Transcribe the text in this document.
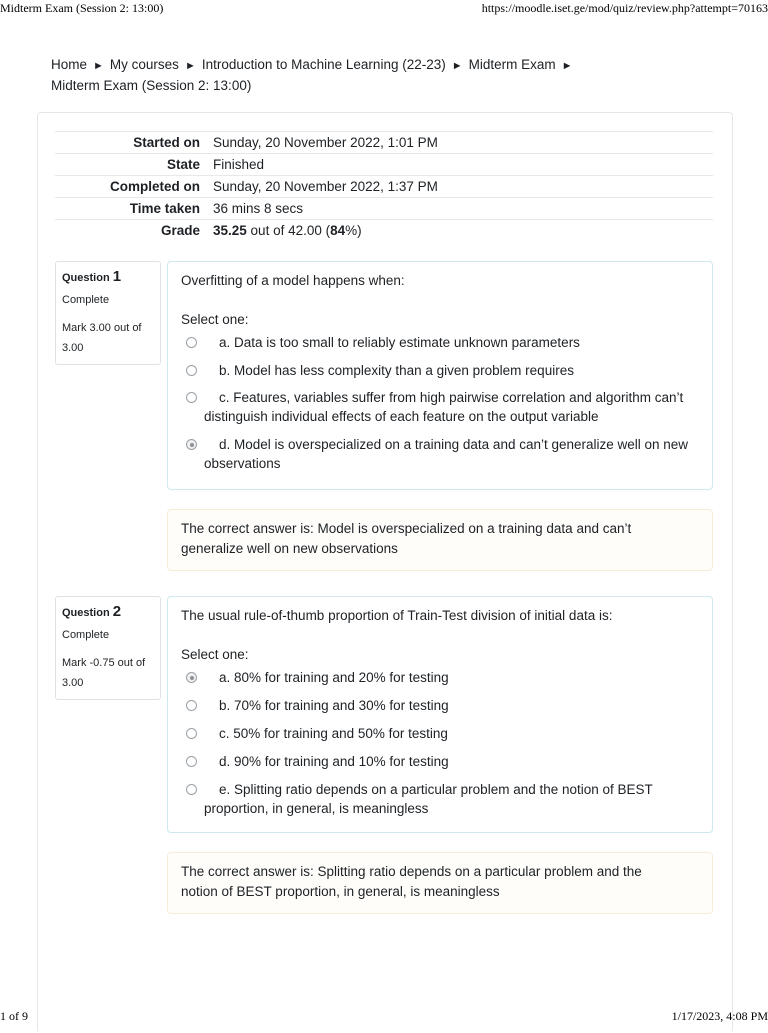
Midterm Exam (Session 2: 13:00)	https://moodle.iset.ge/mod/quiz/review.php?attempt=70163
Home ► My courses ► Introduction to Machine Learning (22-23) ► Midterm Exam ►
Midterm Exam (Session 2: 13:00)
Started on	Sunday, 20 November 2022, 1:01 PM
State	Finished
Completed on	Sunday, 20 November 2022, 1:37 PM
Time taken	36 mins 8 secs
Grade	35.25 out of 42.00 (84%)
Question 1
Complete
Mark 3.00 out of 3.00
Overfitting of a model happens when:
Select one:
a. Data is too small to reliably estimate unknown parameters
b. Model has less complexity than a given problem requires
c. Features, variables suffer from high pairwise correlation and algorithm can’t distinguish individual effects of each feature on the output variable
d. Model is overspecialized on a training data and can’t generalize well on new observations
The correct answer is: Model is overspecialized on a training data and can’t generalize well on new observations
Question 2
Complete
Mark -0.75 out of 3.00
The usual rule-of-thumb proportion of Train-Test division of initial data is:
Select one:
a. 80% for training and 20% for testing
b. 70% for training and 30% for testing
c. 50% for training and 50% for testing
d. 90% for training and 10% for testing
e. Splitting ratio depends on a particular problem and the notion of BEST proportion, in general, is meaningless
The correct answer is: Splitting ratio depends on a particular problem and the notion of BEST proportion, in general, is meaningless
1 of 9	1/17/2023, 4:08 PM
